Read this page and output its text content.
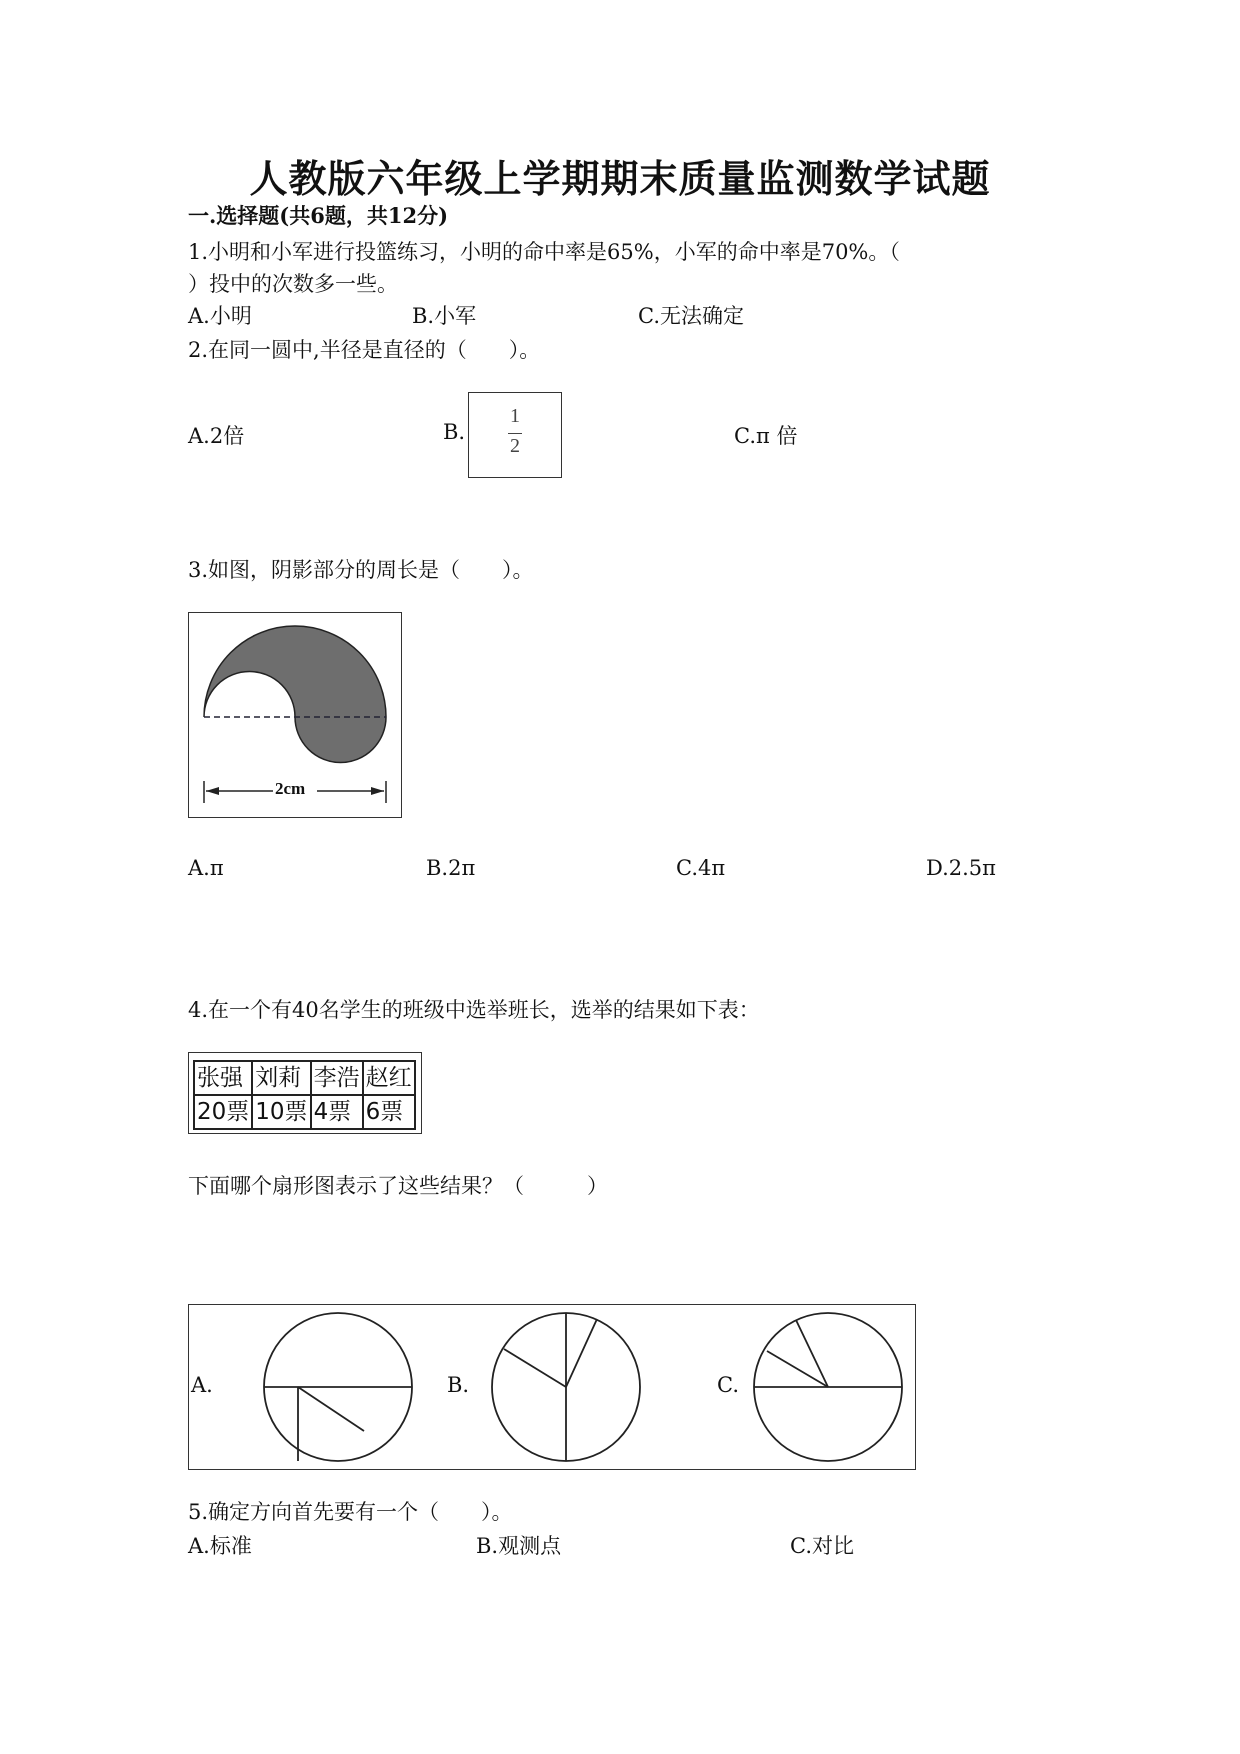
人教版六年级上学期期末质量监测数学试题
一.选择题(共6题，共12分)
1.小明和小军进行投篮练习，小明的命中率是65%，小军的命中率是70%。（
）投中的次数多一些。
A.小明	B.小军	C.无法确定
2.在同一圆中,半径是直径的（　　）。
A.2倍	B.
1
2	C.π 倍
3.如图，阴影部分的周长是（　　）。
2cm
A.π	B.2π	C.4π	D.2.5π
4.在一个有40名学生的班级中选举班长，选举的结果如下表：
张强	刘莉	李浩	赵红
20票	10票	4票	6票
下面哪个扇形图表示了这些结果？（　　　）
A.	B.	C.
5.确定方向首先要有一个（　　）。
A.标准	B.观测点	C.对比
